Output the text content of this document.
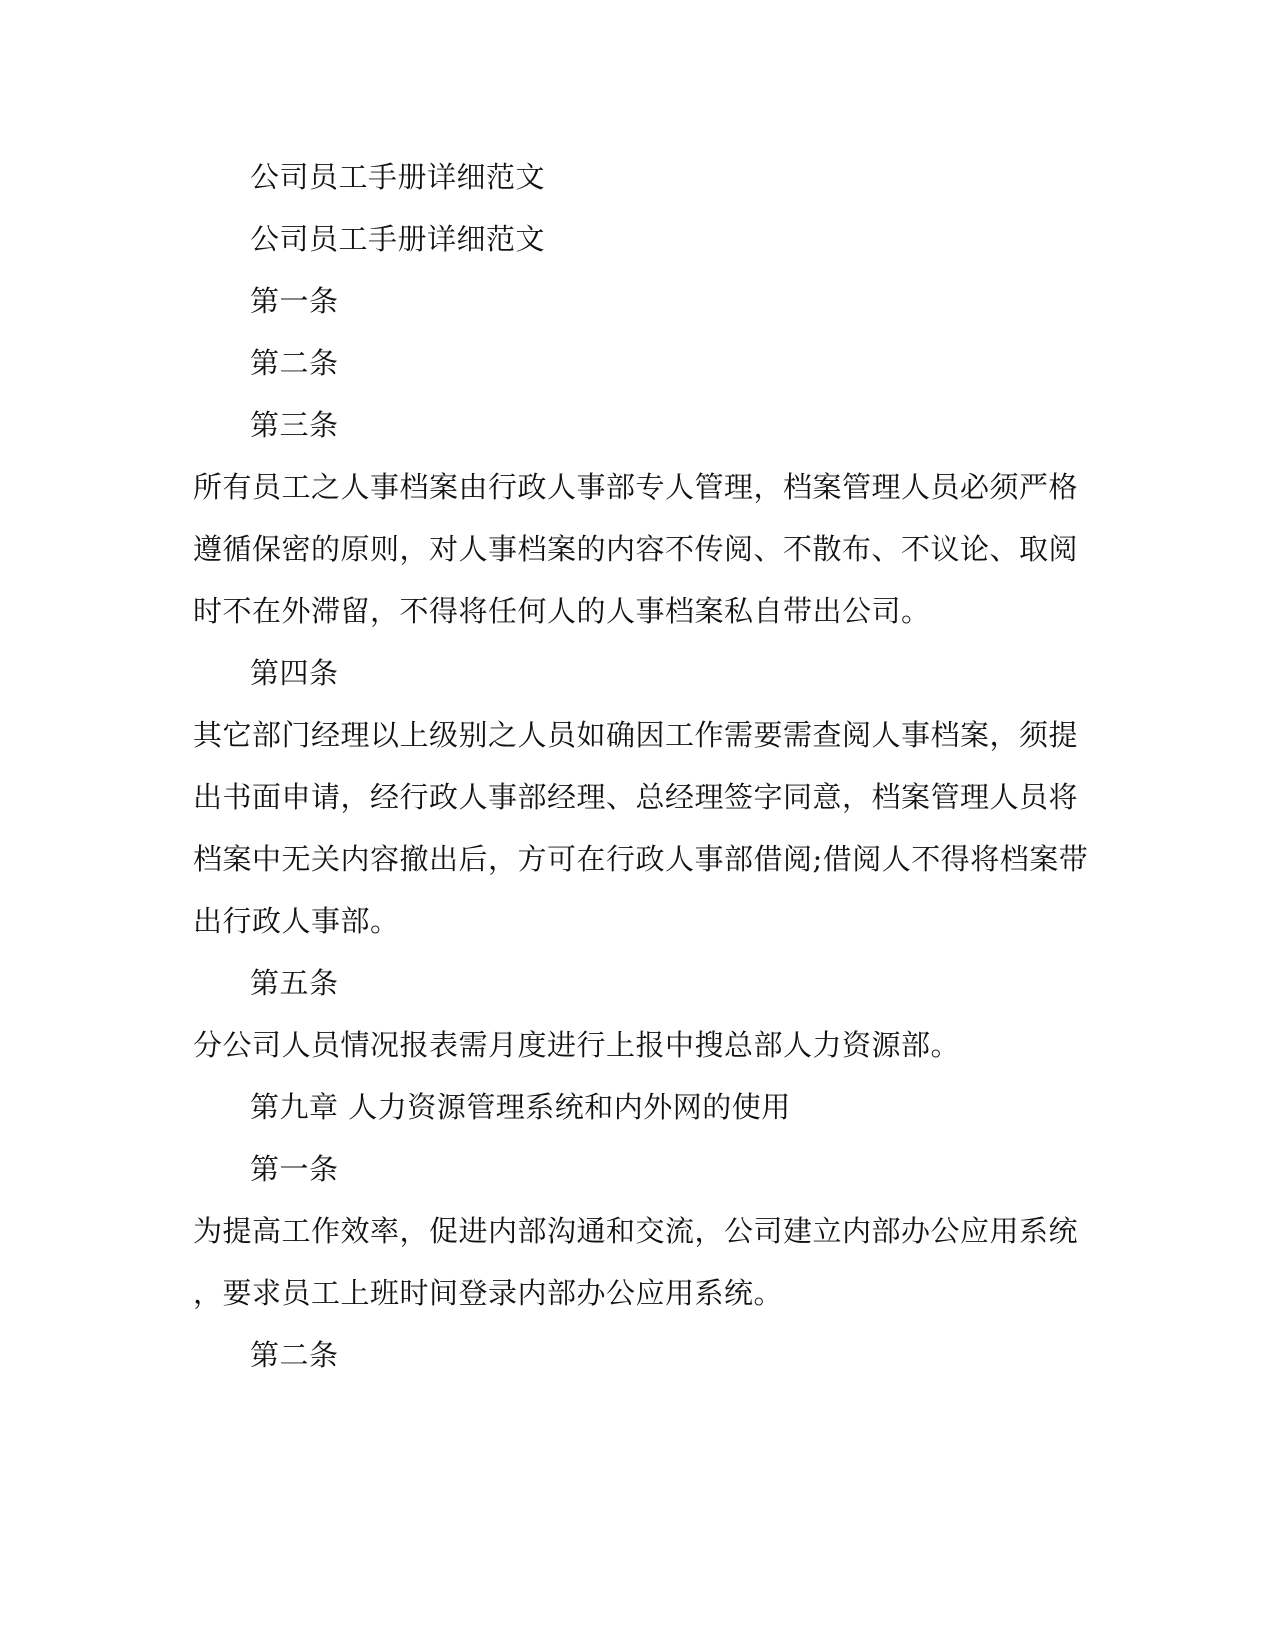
公司员工手册详细范文
公司员工手册详细范文
第一条
第二条
第三条
所有员工之人事档案由行政人事部专人管理，档案管理人员必须严格
遵循保密的原则，对人事档案的内容不传阅、不散布、不议论、取阅
时不在外滞留，不得将任何人的人事档案私自带出公司。
第四条
其它部门经理以上级别之人员如确因工作需要需查阅人事档案，须提
出书面申请，经行政人事部经理、总经理签字同意，档案管理人员将
档案中无关内容撤出后，方可在行政人事部借阅;借阅人不得将档案带
出行政人事部。
第五条
分公司人员情况报表需月度进行上报中搜总部人力资源部。
第九章 人力资源管理系统和内外网的使用
第一条
为提高工作效率，促进内部沟通和交流，公司建立内部办公应用系统
，要求员工上班时间登录内部办公应用系统。
第二条
